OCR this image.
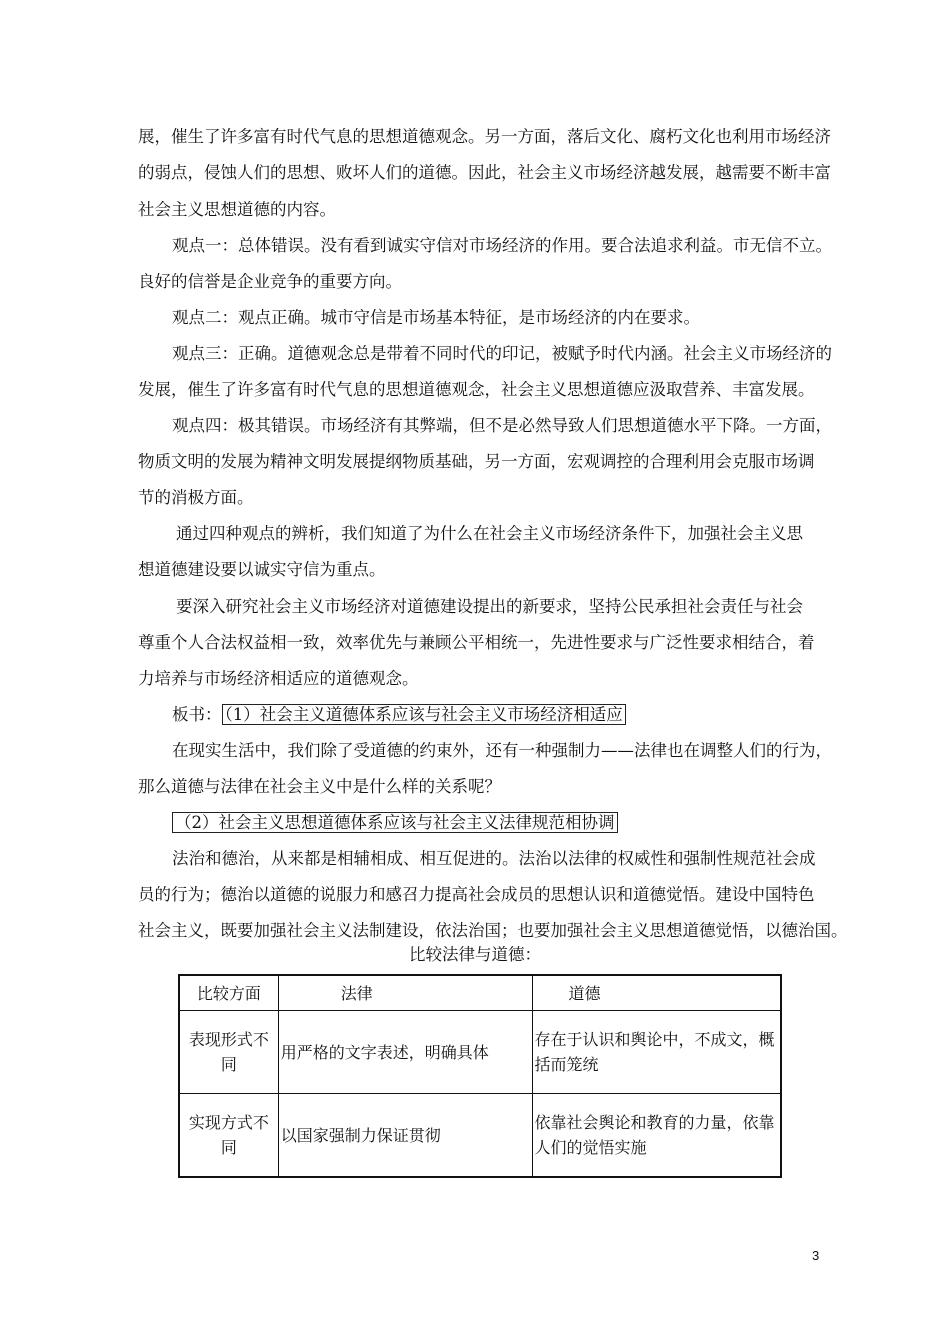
展，催生了许多富有时代气息的思想道德观念。另一方面，落后文化、腐朽文化也利用市场经济
的弱点，侵蚀人们的思想、败坏人们的道德。因此，社会主义市场经济越发展，越需要不断丰富
社会主义思想道德的内容。
观点一：总体错误。没有看到诚实守信对市场经济的作用。要合法追求利益。市无信不立。
良好的信誉是企业竞争的重要方向。
观点二：观点正确。城市守信是市场基本特征，是市场经济的内在要求。
观点三：正确。道德观念总是带着不同时代的印记，被赋予时代内涵。社会主义市场经济的
发展，催生了许多富有时代气息的思想道德观念，社会主义思想道德应汲取营养、丰富发展。
观点四：极其错误。市场经济有其弊端，但不是必然导致人们思想道德水平下降。一方面，
物质文明的发展为精神文明发展提纲物质基础，另一方面，宏观调控的合理利用会克服市场调
节的消极方面。
通过四种观点的辨析，我们知道了为什么在社会主义市场经济条件下，加强社会主义思
想道德建设要以诚实守信为重点。
要深入研究社会主义市场经济对道德建设提出的新要求，坚持公民承担社会责任与社会
尊重个人合法权益相一致，效率优先与兼顾公平相统一，先进性要求与广泛性要求相结合，着
力培养与市场经济相适应的道德观念。
板书： （1）社会主义道德体系应该与社会主义市场经济相适应
在现实生活中，我们除了受道德的约束外，还有一种强制力——法律也在调整人们的行为，
那么道德与法律在社会主义中是什么样的关系呢？
（2）社会主义思想道德体系应该与社会主义法律规范相协调
法治和德治，从来都是相辅相成、相互促进的。法治以法律的权威性和强制性规范社会成
员的行为；德治以道德的说服力和感召力提高社会成员的思想认识和道德觉悟。建设中国特色
社会主义，既要加强社会主义法制建设，依法治国；也要加强社会主义思想道德觉悟，以德治国。
比较法律与道德：
比较方面	法律	道德
表现形式不同	用严格的文字表述，明确具体	存在于认识和舆论中，不成文，概括而笼统
实现方式不同	以国家强制力保证贯彻	依靠社会舆论和教育的力量，依靠人们的觉悟实施
3
